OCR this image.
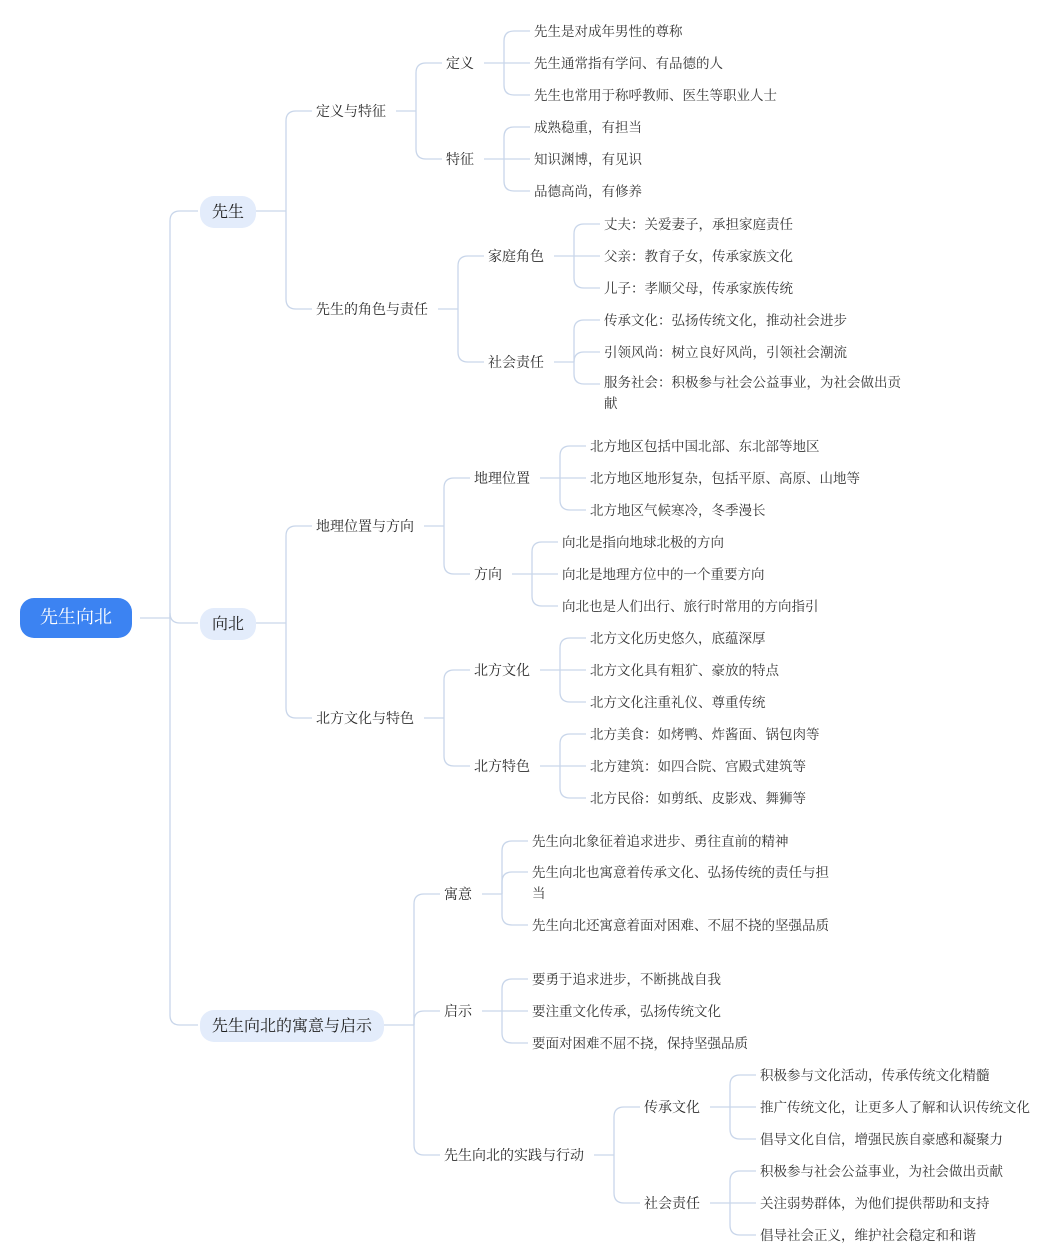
先生向北
先生
定义与特征
定义
先生是对成年男性的尊称
先生通常指有学问、有品德的人
先生也常用于称呼教师、医生等职业人士
特征
成熟稳重，有担当
知识渊博，有见识
品德高尚，有修养
先生的角色与责任
家庭角色
丈夫：关爱妻子，承担家庭责任
父亲：教育子女，传承家族文化
儿子：孝顺父母，传承家族传统
社会责任
传承文化：弘扬传统文化，推动社会进步
引领风尚：树立良好风尚，引领社会潮流
服务社会：积极参与社会公益事业，为社会做出贡献
向北
地理位置与方向
地理位置
北方地区包括中国北部、东北部等地区
北方地区地形复杂，包括平原、高原、山地等
北方地区气候寒冷，冬季漫长
方向
向北是指向地球北极的方向
向北是地理方位中的一个重要方向
向北也是人们出行、旅行时常用的方向指引
北方文化与特色
北方文化
北方文化历史悠久，底蕴深厚
北方文化具有粗犷、豪放的特点
北方文化注重礼仪、尊重传统
北方特色
北方美食：如烤鸭、炸酱面、锅包肉等
北方建筑：如四合院、宫殿式建筑等
北方民俗：如剪纸、皮影戏、舞狮等
先生向北的寓意与启示
寓意
先生向北象征着追求进步、勇往直前的精神
先生向北也寓意着传承文化、弘扬传统的责任与担当
先生向北还寓意着面对困难、不屈不挠的坚强品质
启示
要勇于追求进步，不断挑战自我
要注重文化传承，弘扬传统文化
要面对困难不屈不挠，保持坚强品质
先生向北的实践与行动
传承文化
积极参与文化活动，传承传统文化精髓
推广传统文化，让更多人了解和认识传统文化
倡导文化自信，增强民族自豪感和凝聚力
社会责任
积极参与社会公益事业，为社会做出贡献
关注弱势群体，为他们提供帮助和支持
倡导社会正义，维护社会稳定和和谐
